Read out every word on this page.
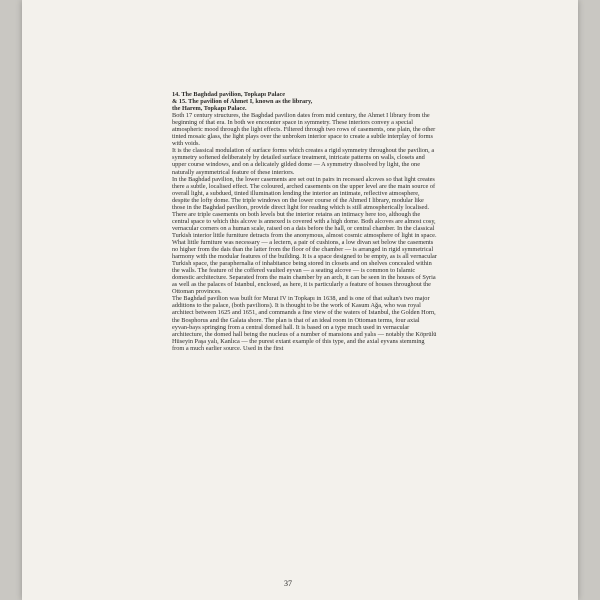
14. The Baghdad pavilion, Topkapı Palace
& 15. The pavilion of Ahmet I, known as the library,
the Harem, Topkapı Palace.
Both 17 century structures, the Baghdad pavilion dates from mid century, the Ahmet I library from the beginning of that era. In both we encounter space in symmetry. These interiors convey a special atmospheric mood through the light effects. Filtered through two rows of casements, one plain, the other tinted mosaic glass, the light plays over the unbroken interior space to create a subtle interplay of forms with voids.
It is the classical modulation of surface forms which creates a rigid symmetry throughout the pavilion, a symmetry softened deliberately by detailed surface treatment, intricate patterns on walls, closets and upper course windows, and on a delicately gilded dome — A symmetry dissolved by light, the one naturally asymmetrical feature of these interiors.
In the Baghdad pavilion, the lower casements are set out in pairs in recessed alcoves so that light creates there a subtle, localised effect. The coloured, arched casements on the upper level are the main source of overall light, a subdued, tinted illumination lending the interior an intimate, reflective atmosphere, despite the lofty dome. The triple windows on the lower course of the Ahmed I library, modular like those in the Baghdad pavilion, provide direct light for reading which is still atmospherically localised. There are triple casements on both levels but the interior retains an intimacy here too, although the central space to which this alcove is annexed is covered with a high dome. Both alcoves are almost cosy, vernacular corners on a human scale, raised on a dais before the hall, or central chamber. In the classical Turkish interior little furniture detracts from the anonymous, almost cosmic atmosphere of light in space. What little furniture was necessary — a lectern, a pair of cushions, a low divan set below the casements no higher from the dais than the latter from the floor of the chamber — is arranged in rigid symmetrical harmony with the modular features of the building. It is a space designed to be empty, as is all vernacular Turkish space, the paraphernalia of inhabitance being stored in closets and on shelves concealed within the walls. The feature of the coffered vaulted eyvan — a seating alcove — is common to Islamic domestic architecture. Separated from the main chamber by an arch, it can be seen in the houses of Syria as well as the palaces of Istanbul, enclosed, as here, it is particularly a feature of houses throughout the Ottoman provinces.
The Baghdad pavilion was built for Murat IV in Topkapı in 1638, and is one of that sultan's two major additions to the palace, (both pavilions). It is thought to be the work of Kasum Ağa, who was royal architect between 1625 and 1651, and commands a fine view of the waters of Istanbul, the Golden Horn, the Bosphorus and the Galata shore. The plan is that of an ideal room in Ottoman terms, four axial eyvan-bays springing from a central domed hall. It is based on a type much used in vernacular architecture, the domed hall being the nucleus of a number of mansions and yalıs — notably the Köprülü Hüseyin Paşa yalı, Kanlıca — the purest extant example of this type, and the axial eyvans stemming from a much earlier source. Used in the first
37
